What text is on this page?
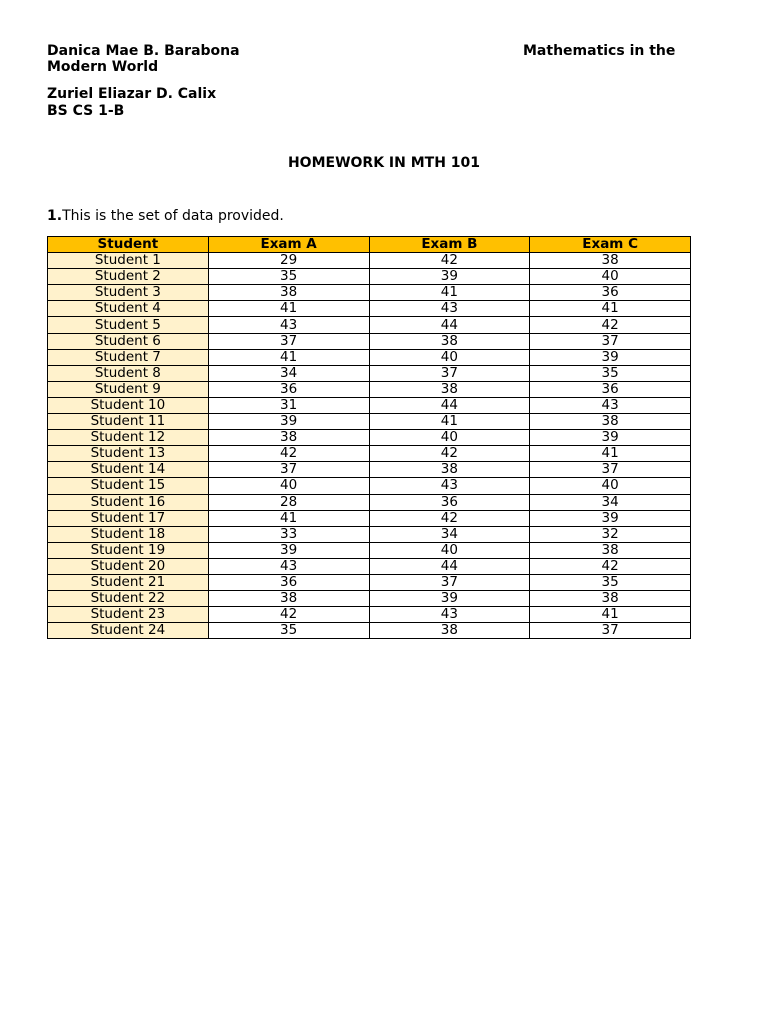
Danica Mae B. Barabona	Mathematics in the
Modern World
Zuriel Eliazar D. Calix
BS CS 1-B
HOMEWORK IN MTH 101
1.This is the set of data provided.
Student	Exam A	Exam B	Exam C
Student 1	29	42	38
Student 2	35	39	40
Student 3	38	41	36
Student 4	41	43	41
Student 5	43	44	42
Student 6	37	38	37
Student 7	41	40	39
Student 8	34	37	35
Student 9	36	38	36
Student 10	31	44	43
Student 11	39	41	38
Student 12	38	40	39
Student 13	42	42	41
Student 14	37	38	37
Student 15	40	43	40
Student 16	28	36	34
Student 17	41	42	39
Student 18	33	34	32
Student 19	39	40	38
Student 20	43	44	42
Student 21	36	37	35
Student 22	38	39	38
Student 23	42	43	41
Student 24	35	38	37
